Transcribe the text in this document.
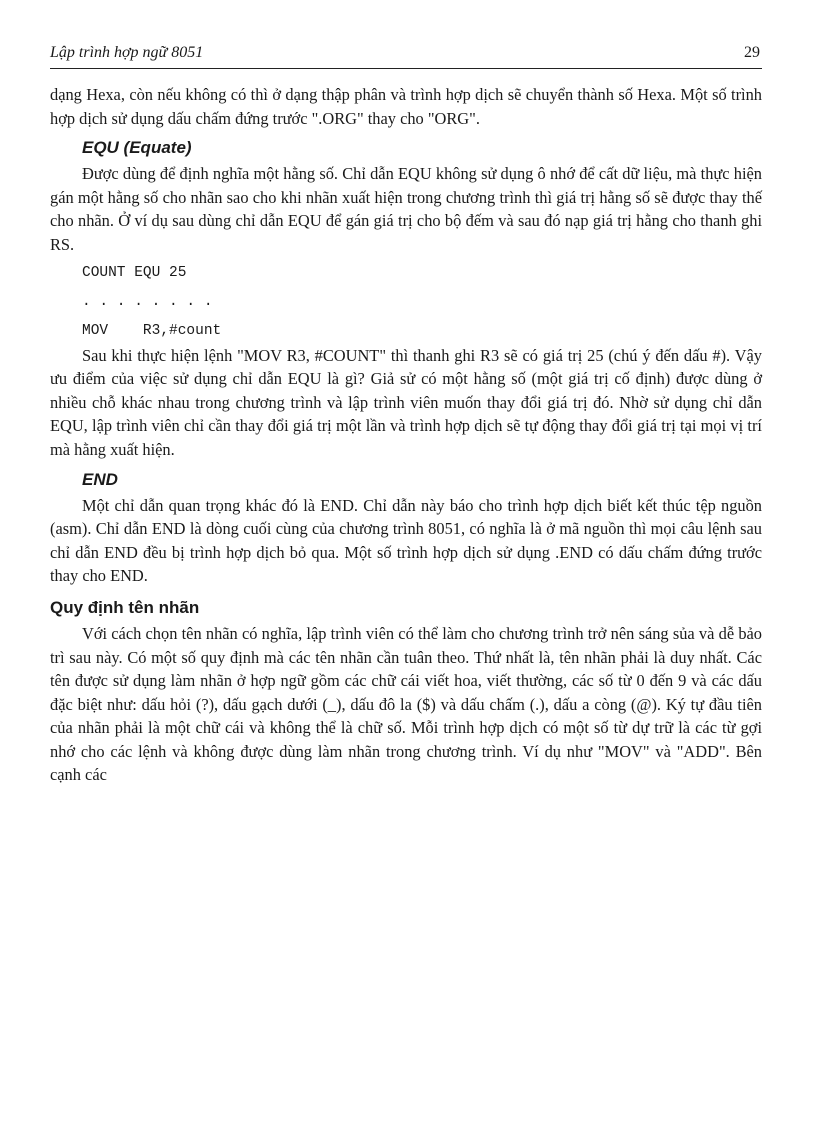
Lập trình hợp ngữ 8051	29

dạng Hexa, còn nếu không có thì ở dạng thập phân và trình hợp dịch sẽ chuyển thành số Hexa. Một số trình hợp dịch sử dụng dấu chấm đứng trước ".ORG" thay cho "ORG".

EQU (Equate)

Được dùng để định nghĩa một hằng số. Chỉ dẫn EQU không sử dụng ô nhớ để cất dữ liệu, mà thực hiện gán một hằng số cho nhãn sao cho khi nhãn xuất hiện trong chương trình thì giá trị hằng số sẽ được thay thế cho nhãn. Ở ví dụ sau dùng chỉ dẫn EQU để gán giá trị cho bộ đếm và sau đó nạp giá trị hằng cho thanh ghi RS.

COUNT EQU 25
. . . . . . . .
MOV    R3,#count

Sau khi thực hiện lệnh "MOV R3, #COUNT" thì thanh ghi R3 sẽ có giá trị 25 (chú ý đến dấu #). Vậy ưu điểm của việc sử dụng chỉ dẫn EQU là gì? Giả sử có một hằng số (một giá trị cố định) được dùng ở nhiều chỗ khác nhau trong chương trình và lập trình viên muốn thay đổi giá trị đó. Nhờ sử dụng chỉ dẫn EQU, lập trình viên chỉ cần thay đổi giá trị một lần và trình hợp dịch sẽ tự động thay đổi giá trị tại mọi vị trí mà hằng xuất hiện.

END

Một chỉ dẫn quan trọng khác đó là END. Chỉ dẫn này báo cho trình hợp dịch biết kết thúc tệp nguồn (asm). Chỉ dẫn END là dòng cuối cùng của chương trình 8051, có nghĩa là ở mã nguồn thì mọi câu lệnh sau chỉ dẫn END đều bị trình hợp dịch bỏ qua. Một số trình hợp dịch sử dụng .END có dấu chấm đứng trước thay cho END.

Quy định tên nhãn

Với cách chọn tên nhãn có nghĩa, lập trình viên có thể làm cho chương trình trở nên sáng sủa và dễ bảo trì sau này. Có một số quy định mà các tên nhãn cần tuân theo. Thứ nhất là, tên nhãn phải là duy nhất. Các tên được sử dụng làm nhãn ở hợp ngữ gồm các chữ cái viết hoa, viết thường, các số từ 0 đến 9 và các dấu đặc biệt như: dấu hỏi (?), dấu gạch dưới (_), dấu đô la ($) và dấu chấm (.), dấu a còng (@). Ký tự đầu tiên của nhãn phải là một chữ cái và không thể là chữ số. Mỗi trình hợp dịch có một số từ dự trữ là các từ gợi nhớ cho các lệnh và không được dùng làm nhãn trong chương trình. Ví dụ như "MOV" và "ADD". Bên cạnh các
